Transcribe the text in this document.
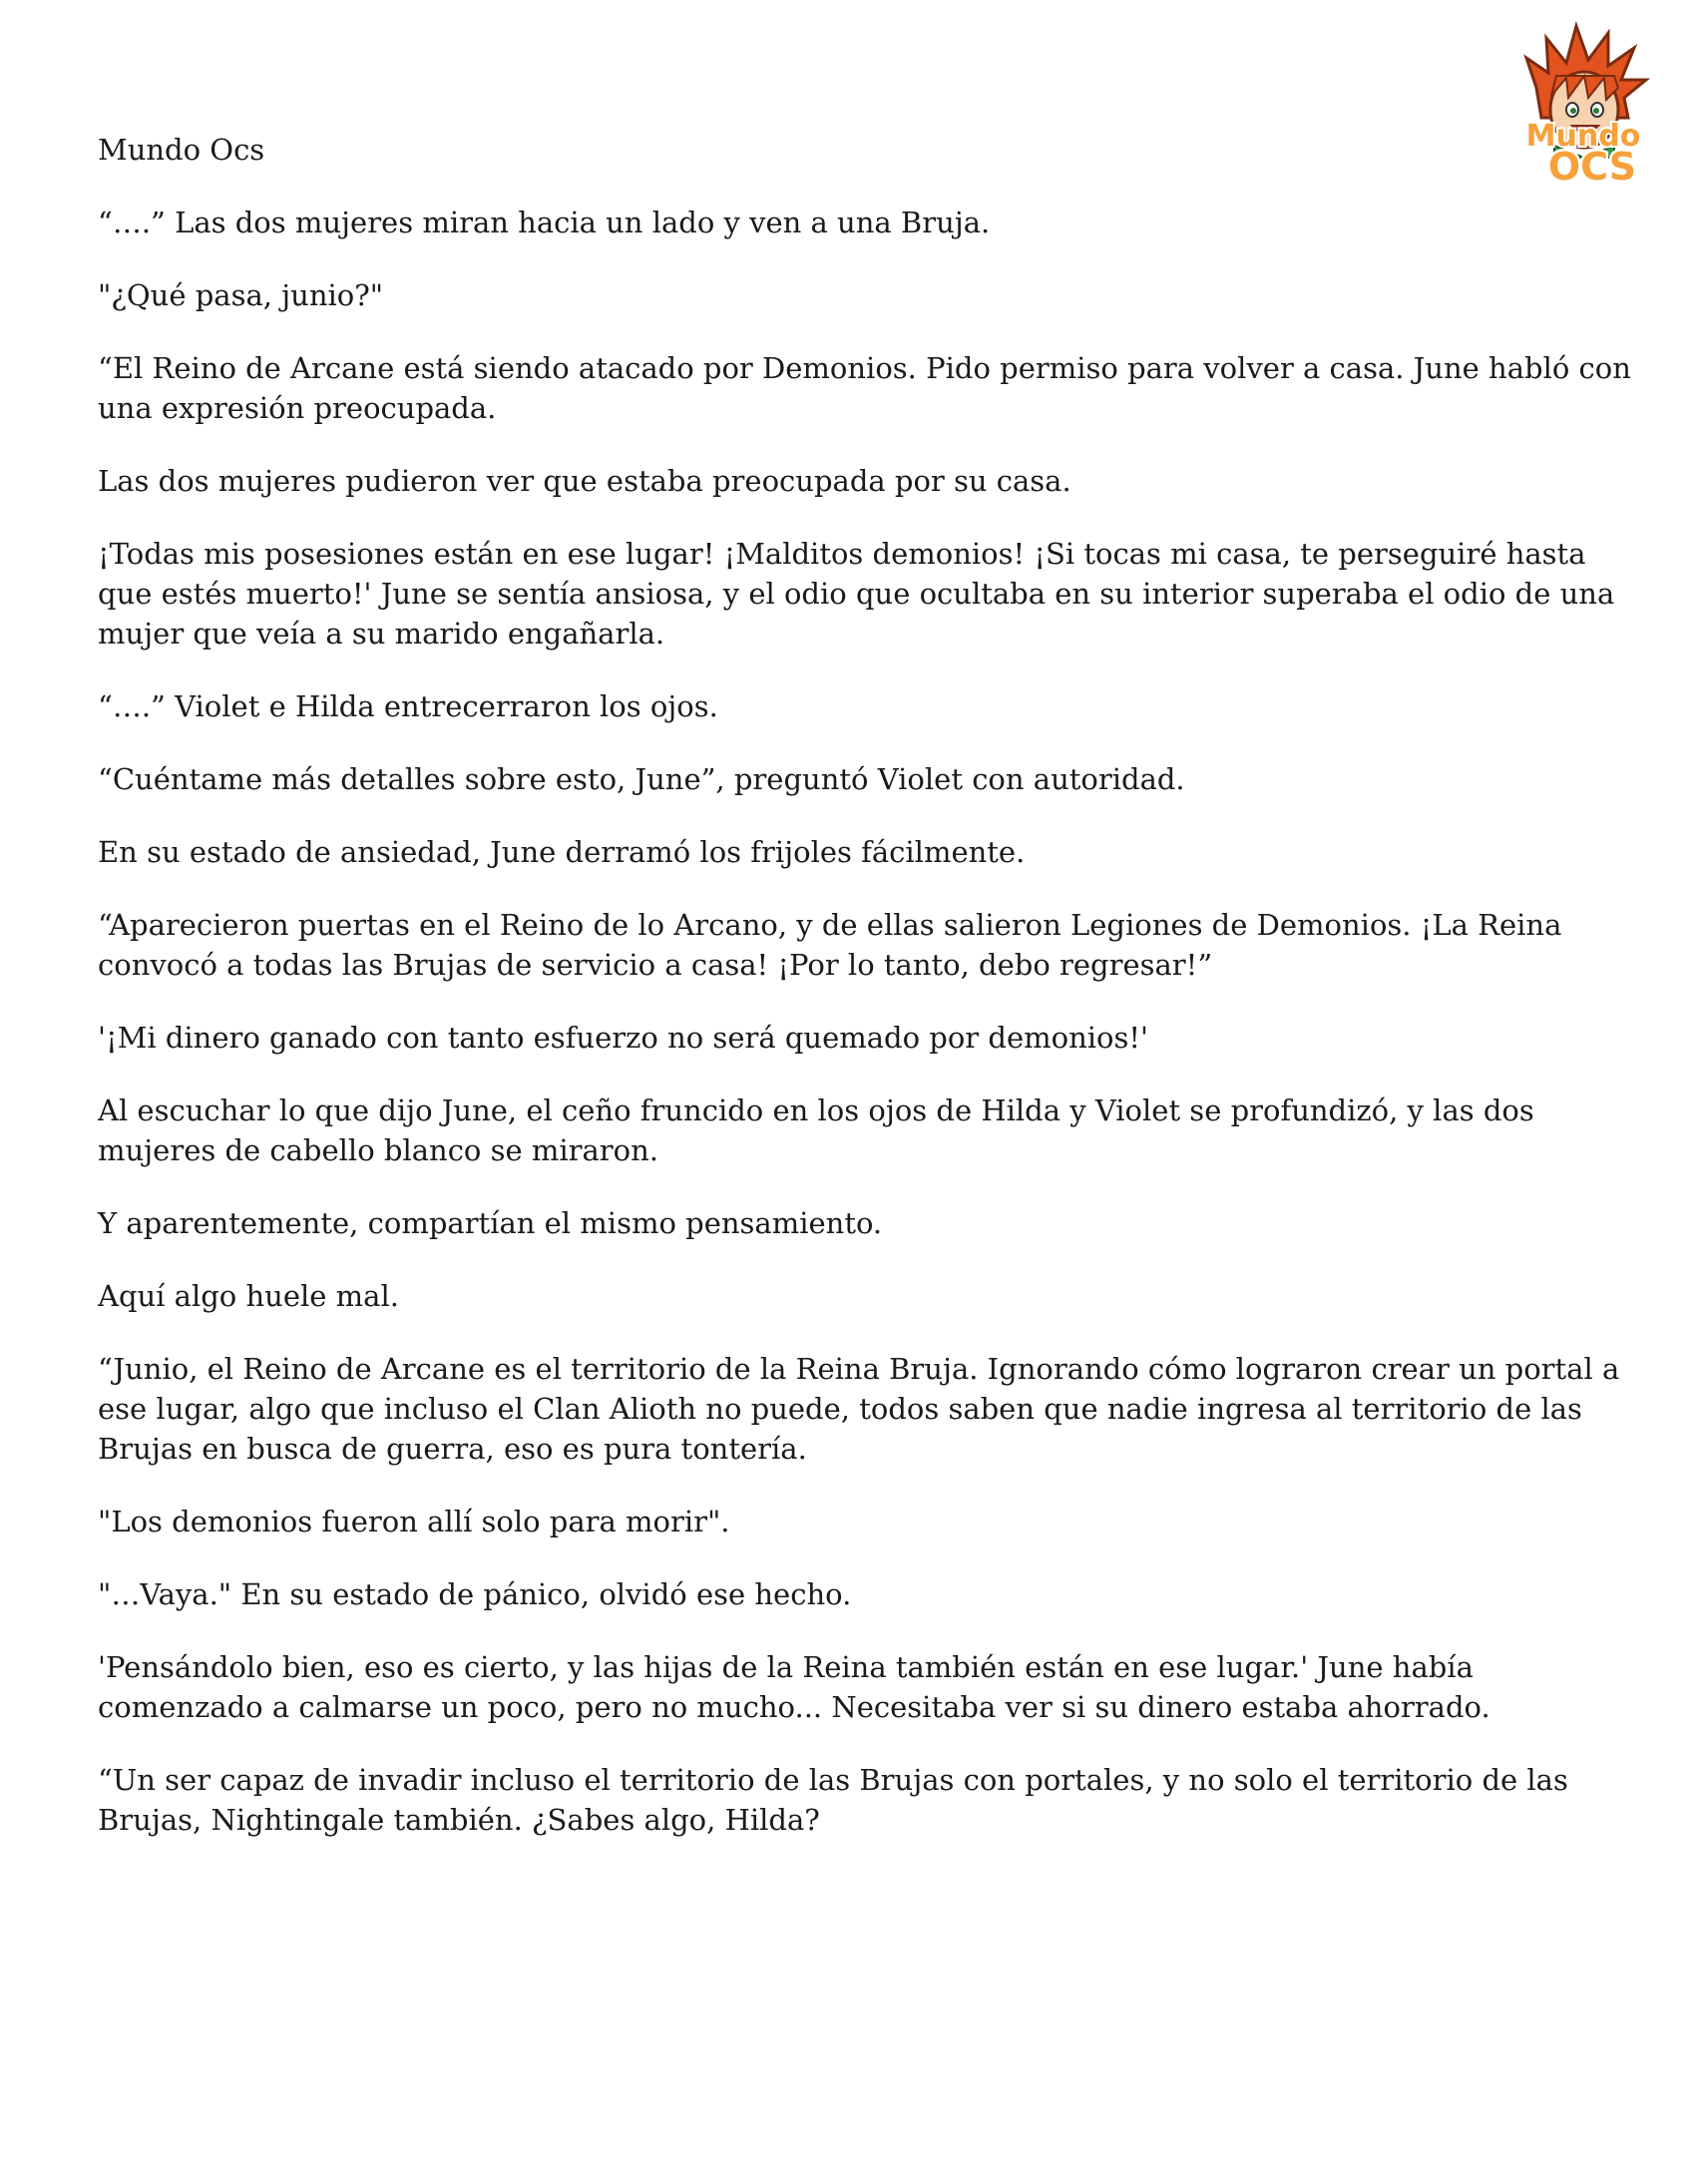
Mundo
OCS

Mundo Ocs

“….” Las dos mujeres miran hacia un lado y ven a una Bruja.

"¿Qué pasa, junio?"

“El Reino de Arcane está siendo atacado por Demonios. Pido permiso para volver a casa. June habló con una expresión preocupada.

Las dos mujeres pudieron ver que estaba preocupada por su casa.

¡Todas mis posesiones están en ese lugar! ¡Malditos demonios! ¡Si tocas mi casa, te perseguiré hasta que estés muerto!' June se sentía ansiosa, y el odio que ocultaba en su interior superaba el odio de una mujer que veía a su marido engañarla.

“….” Violet e Hilda entrecerraron los ojos.

“Cuéntame más detalles sobre esto, June”, preguntó Violet con autoridad.

En su estado de ansiedad, June derramó los frijoles fácilmente.

“Aparecieron puertas en el Reino de lo Arcano, y de ellas salieron Legiones de Demonios. ¡La Reina convocó a todas las Brujas de servicio a casa! ¡Por lo tanto, debo regresar!”

'¡Mi dinero ganado con tanto esfuerzo no será quemado por demonios!'

Al escuchar lo que dijo June, el ceño fruncido en los ojos de Hilda y Violet se profundizó, y las dos mujeres de cabello blanco se miraron.

Y aparentemente, compartían el mismo pensamiento.

Aquí algo huele mal.

“Junio, el Reino de Arcane es el territorio de la Reina Bruja. Ignorando cómo lograron crear un portal a ese lugar, algo que incluso el Clan Alioth no puede, todos saben que nadie ingresa al territorio de las Brujas en busca de guerra, eso es pura tontería.

"Los demonios fueron allí solo para morir".

"…Vaya." En su estado de pánico, olvidó ese hecho.

'Pensándolo bien, eso es cierto, y las hijas de la Reina también están en ese lugar.' June había comenzado a calmarse un poco, pero no mucho... Necesitaba ver si su dinero estaba ahorrado.

“Un ser capaz de invadir incluso el territorio de las Brujas con portales, y no solo el territorio de las Brujas, Nightingale también. ¿Sabes algo, Hilda?
